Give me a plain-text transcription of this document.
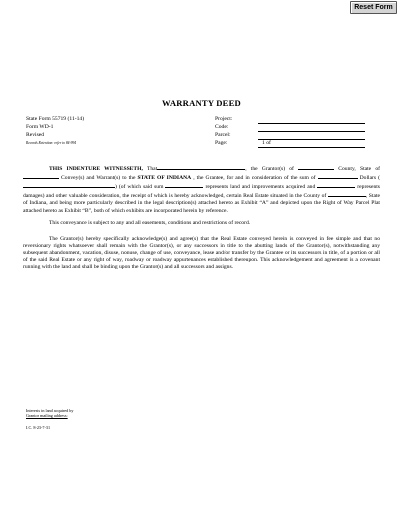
Reset Form
WARRANTY DEED
State Form 55719 (11-14)
Form WD-1
Revised
Records Retention: refer to 84-994
Project:
Code:
Parcel:
Page:	1 of

THIS INDENTURE WITNESSETH, That	, the Grantor(s) of	County, State of  Convey(s) and Warrant(s) to the STATE OF INDIANA , the Grantee, for and in consideration of the sum of	Dollars () (of which said sum	represents land and improvements acquired and	represents damages) and other valuable consideration, the receipt of which is hereby acknowledged, certain Real Estate situated in the County of	, State of Indiana, and being more particularly described in the legal description(s) attached hereto as Exhibit “A” and depicted upon the Right of Way Parcel Plat attached hereto as Exhibit “B”, both of which exhibits are incorporated herein by reference.

This conveyance is subject to any and all easements, conditions and restrictions of record.

The Grantor(s) hereby specifically acknowledge(s) and agree(s) that the Real Estate conveyed herein is conveyed in fee simple and that no reversionary rights whatsoever shall remain with the Grantor(s), or any successors in title to the abutting lands of the Grantor(s), notwithstanding any subsequent abandonment, vacation, disuse, nonuse, change of use, conveyance, lease and/or transfer by the Grantee or its successors in title, of a portion or all of the said Real Estate or any right of way, roadway or roadway appurtenances established thereupon. This acknowledgement and agreement is a covenant running with the land and shall be binding upon the Grantor(s) and all successors and assigns.

Interests in land acquired by
Grantor mailing address:
I.C. 8-23-7-31
